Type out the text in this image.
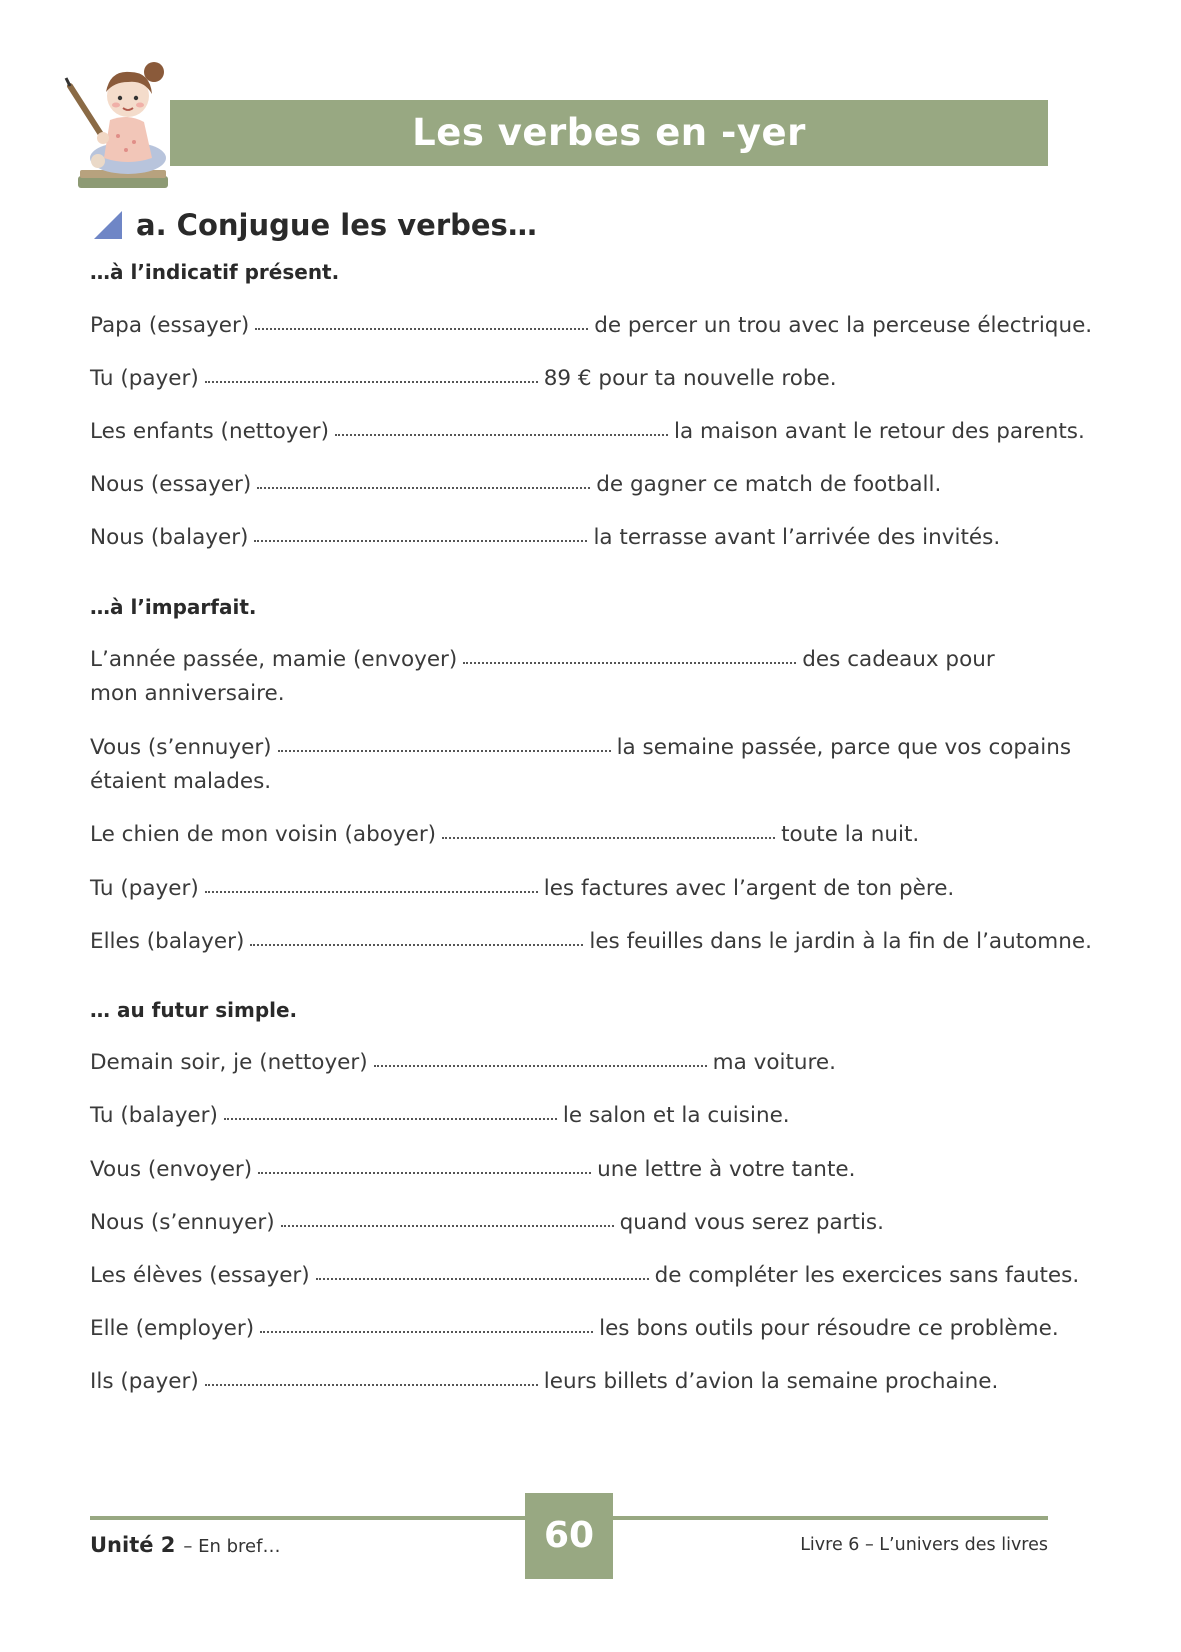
Les verbes en -yer
a. Conjugue les verbes…
…à l’indicatif présent.
Papa (essayer)	de percer un trou avec la perceuse électrique.
Tu (payer)	89 € pour ta nouvelle robe.
Les enfants (nettoyer)	la maison avant le retour des parents.
Nous (essayer)	de gagner ce match de football.
Nous (balayer)	la terrasse avant l’arrivée des invités.
…à l’imparfait.
L’année passée, mamie (envoyer)	des cadeaux pour
mon anniversaire.
Vous (s’ennuyer)	la semaine passée, parce que vos copains
étaient malades.
Le chien de mon voisin (aboyer)	toute la nuit.
Tu (payer)	les factures avec l’argent de ton père.
Elles (balayer)	les feuilles dans le jardin à la fin de l’automne.
… au futur simple.
Demain soir, je (nettoyer)	ma voiture.
Tu (balayer)	le salon et la cuisine.
Vous (envoyer)	une lettre à votre tante.
Nous (s’ennuyer)	quand vous serez partis.
Les élèves (essayer)	de compléter les exercices sans fautes.
Elle (employer)	les bons outils pour résoudre ce problème.
Ils (payer)	leurs billets d’avion la semaine prochaine.
60
Unité 2 – En bref…	Livre 6 – L’univers des livres
